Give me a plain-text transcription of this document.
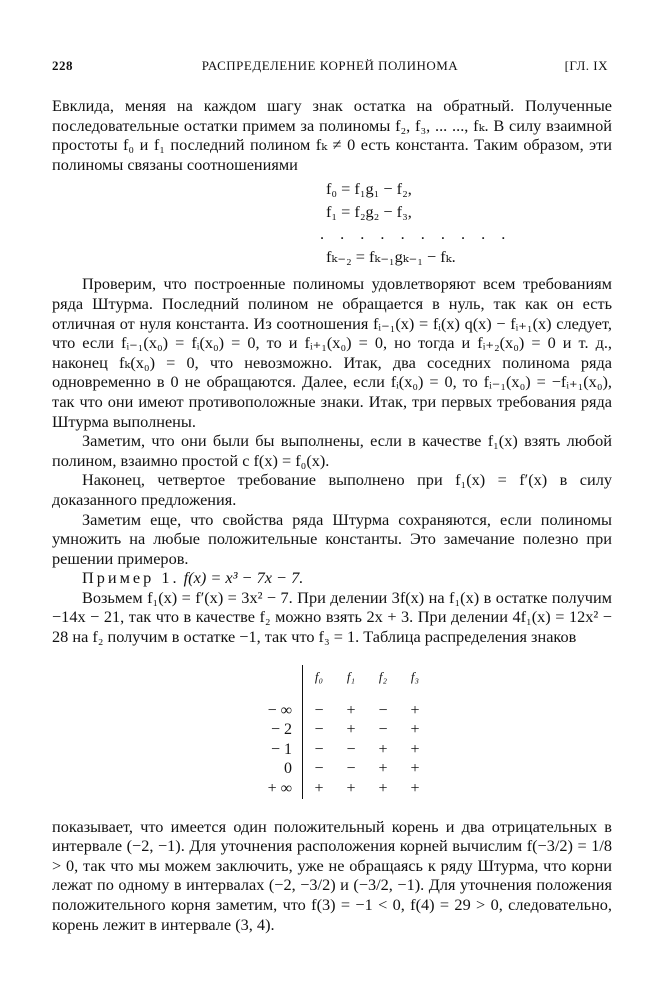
228	РАСПРЕДЕЛЕНИЕ КОРНЕЙ ПОЛИНОМА	[ГЛ. IX

Евклида, меняя на каждом шагу знак остатка на обратный. Полученные последовательные остатки примем за полиномы f₂, f₃, ... ..., fₖ. В силу взаимной простоты f₀ и f₁ последний полином fₖ ≠ 0 есть константа. Таким образом, эти полиномы связаны соотношениями

f₀ = f₁g₁ − f₂,
f₁ = f₂g₂ − f₃,
. . . . . . . . . .
fₖ₋₂ = fₖ₋₁gₖ₋₁ − fₖ.

Проверим, что построенные полиномы удовлетворяют всем требованиям ряда Штурма. Последний полином не обращается в нуль, так как он есть отличная от нуля константа. Из соотношения fᵢ₋₁(x) = fᵢ(x) q(x) − fᵢ₊₁(x) следует, что если fᵢ₋₁(x₀) = fᵢ(x₀) = 0, то и fᵢ₊₁(x₀) = 0, но тогда и fᵢ₊₂(x₀) = 0 и т. д., наконец fₖ(x₀) = 0, что невозможно. Итак, два соседних полинома ряда одновременно в 0 не обращаются. Далее, если fᵢ(x₀) = 0, то fᵢ₋₁(x₀) = −fᵢ₊₁(x₀), так что они имеют противоположные знаки. Итак, три первых требования ряда Штурма выполнены.

Заметим, что они были бы выполнены, если в качестве f₁(x) взять любой полином, взаимно простой с f(x) = f₀(x).

Наконец, четвертое требование выполнено при f₁(x) = f′(x) в силу доказанного предложения.

Заметим еще, что свойства ряда Штурма сохраняются, если полиномы умножить на любые положительные константы. Это замечание полезно при решении примеров.

Пример 1. f(x) = x³ − 7x − 7.

Возьмем f₁(x) = f′(x) = 3x² − 7. При делении 3f(x) на f₁(x) в остатке получим −14x − 21, так что в качестве f₂ можно взять 2x + 3. При делении 4f₁(x) = 12x² − 28 на f₂ получим в остатке −1, так что f₃ = 1. Таблица распределения знаков

	f₀	f₁	f₂	f₃
− ∞	−	+	−	+
− 2	−	+	−	+
− 1	−	−	+	+
0	−	−	+	+
+ ∞	+	+	+	+

показывает, что имеется один положительный корень и два отрицательных в интервале (−2, −1). Для уточнения расположения корней вычислим f(−3/2) = 1/8 > 0, так что мы можем заключить, уже не обращаясь к ряду Штурма, что корни лежат по одному в интервалах (−2, −3/2) и (−3/2, −1). Для уточнения положения положительного корня заметим, что f(3) = −1 < 0, f(4) = 29 > 0, следовательно, корень лежит в интервале (3, 4).
